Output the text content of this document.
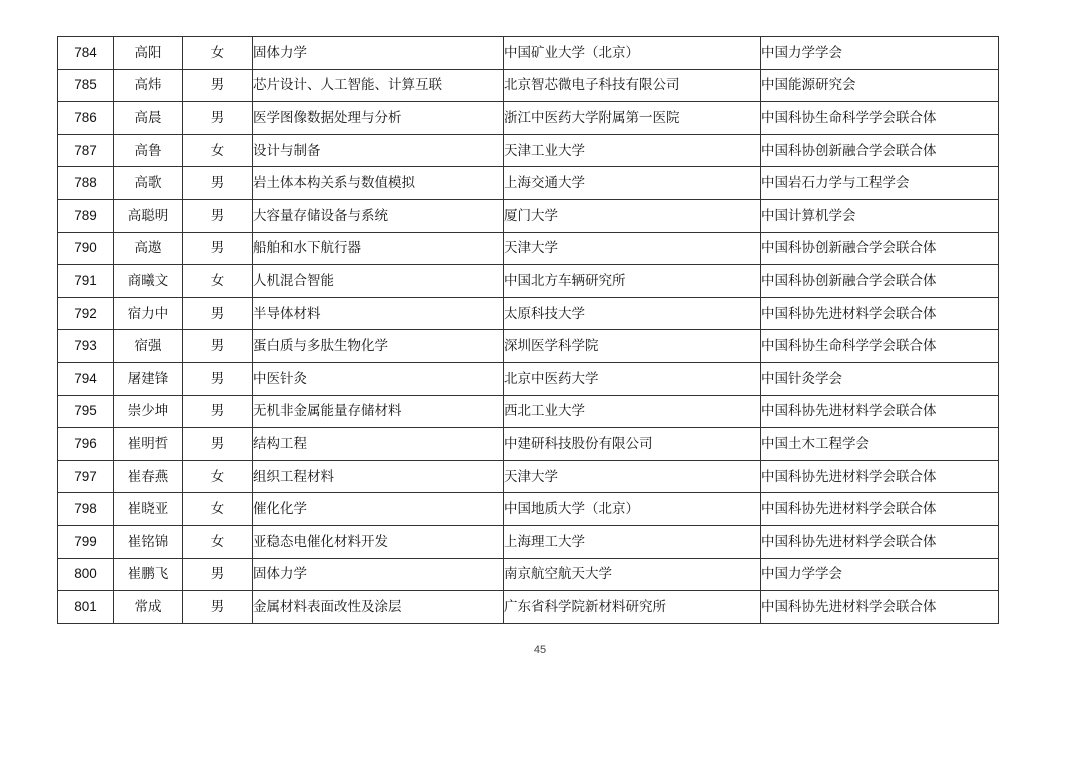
784	高阳	女	固体力学	中国矿业大学（北京）	中国力学学会
785	高炜	男	芯片设计、人工智能、计算互联	北京智芯微电子科技有限公司	中国能源研究会
786	高晨	男	医学图像数据处理与分析	浙江中医药大学附属第一医院	中国科协生命科学学会联合体
787	高鲁	女	设计与制备	天津工业大学	中国科协创新融合学会联合体
788	高歌	男	岩土体本构关系与数值模拟	上海交通大学	中国岩石力学与工程学会
789	高聪明	男	大容量存储设备与系统	厦门大学	中国计算机学会
790	高遨	男	船舶和水下航行器	天津大学	中国科协创新融合学会联合体
791	商曦文	女	人机混合智能	中国北方车辆研究所	中国科协创新融合学会联合体
792	宿力中	男	半导体材料	太原科技大学	中国科协先进材料学会联合体
793	宿强	男	蛋白质与多肽生物化学	深圳医学科学院	中国科协生命科学学会联合体
794	屠建锋	男	中医针灸	北京中医药大学	中国针灸学会
795	崇少坤	男	无机非金属能量存储材料	西北工业大学	中国科协先进材料学会联合体
796	崔明哲	男	结构工程	中建研科技股份有限公司	中国土木工程学会
797	崔春燕	女	组织工程材料	天津大学	中国科协先进材料学会联合体
798	崔晓亚	女	催化化学	中国地质大学（北京）	中国科协先进材料学会联合体
799	崔铭锦	女	亚稳态电催化材料开发	上海理工大学	中国科协先进材料学会联合体
800	崔鹏飞	男	固体力学	南京航空航天大学	中国力学学会
801	常成	男	金属材料表面改性及涂层	广东省科学院新材料研究所	中国科协先进材料学会联合体
45
